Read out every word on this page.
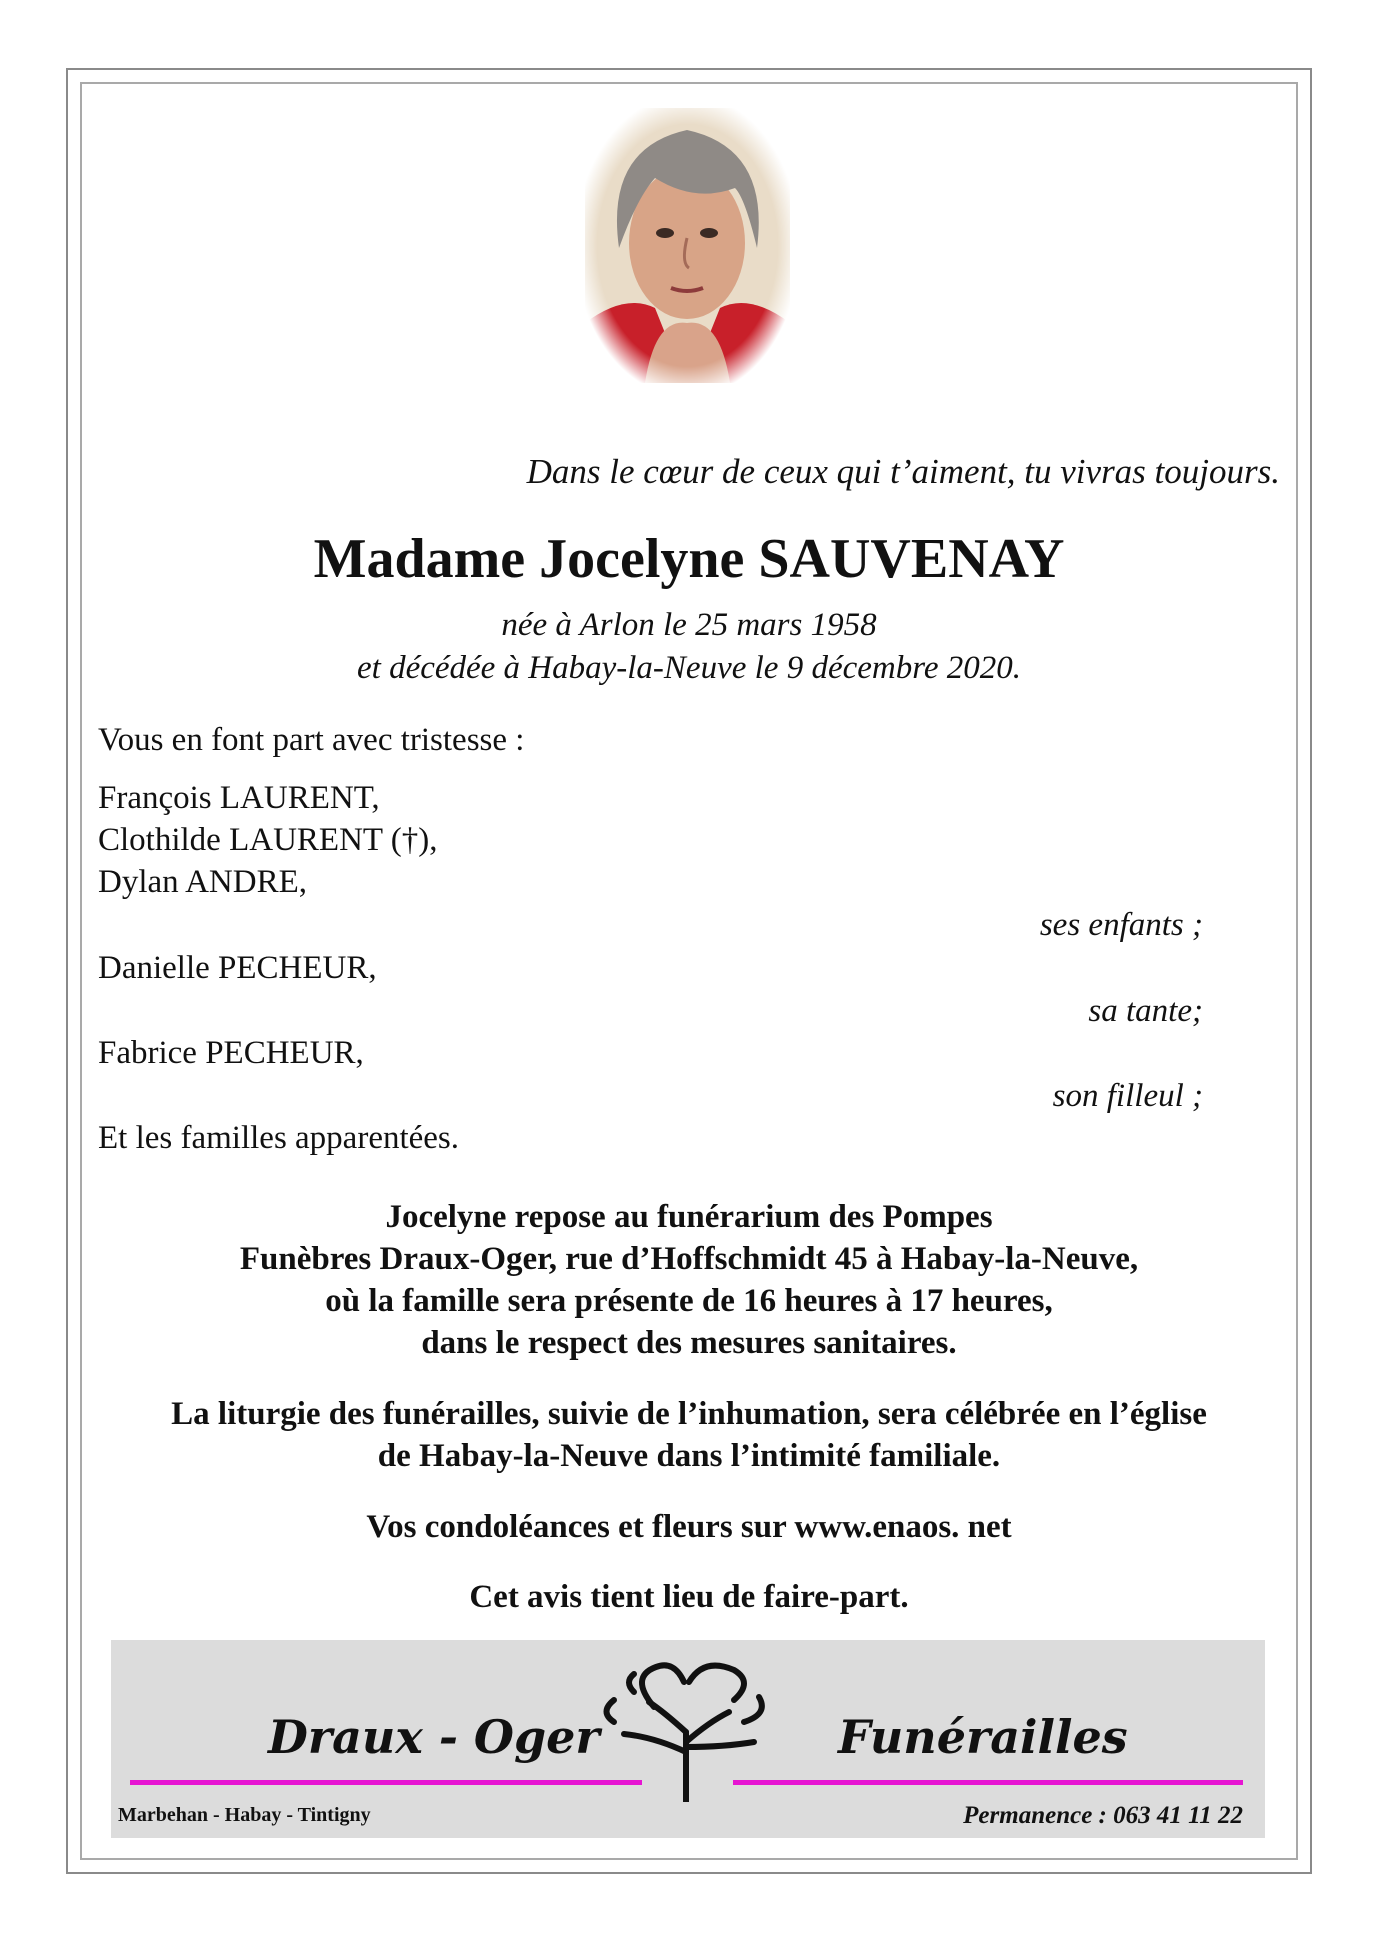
Dans le cœur de ceux qui t’aiment, tu vivras toujours.
Madame Jocelyne SAUVENAY
née à Arlon le 25 mars 1958
et décédée à Habay-la-Neuve le 9 décembre 2020.
Vous en font part avec tristesse :
François LAURENT,
Clothilde LAURENT (†),
Dylan ANDRE,
ses enfants ;
Danielle PECHEUR,
sa tante;
Fabrice PECHEUR,
son filleul ;
Et les familles apparentées.
Jocelyne repose au funérarium des Pompes
Funèbres Draux-Oger, rue d’Hoffschmidt 45 à Habay-la-Neuve,
où la famille sera présente de 16 heures à 17 heures,
dans le respect des mesures sanitaires.
La liturgie des funérailles, suivie de l’inhumation, sera célébrée en l’église
de Habay-la-Neuve dans l’intimité familiale.
Vos condoléances et fleurs sur www.enaos. net
Cet avis tient lieu de faire-part.
Draux - Oger	Funérailles
Marbehan - Habay - Tintigny	Permanence : 063 41 11 22
